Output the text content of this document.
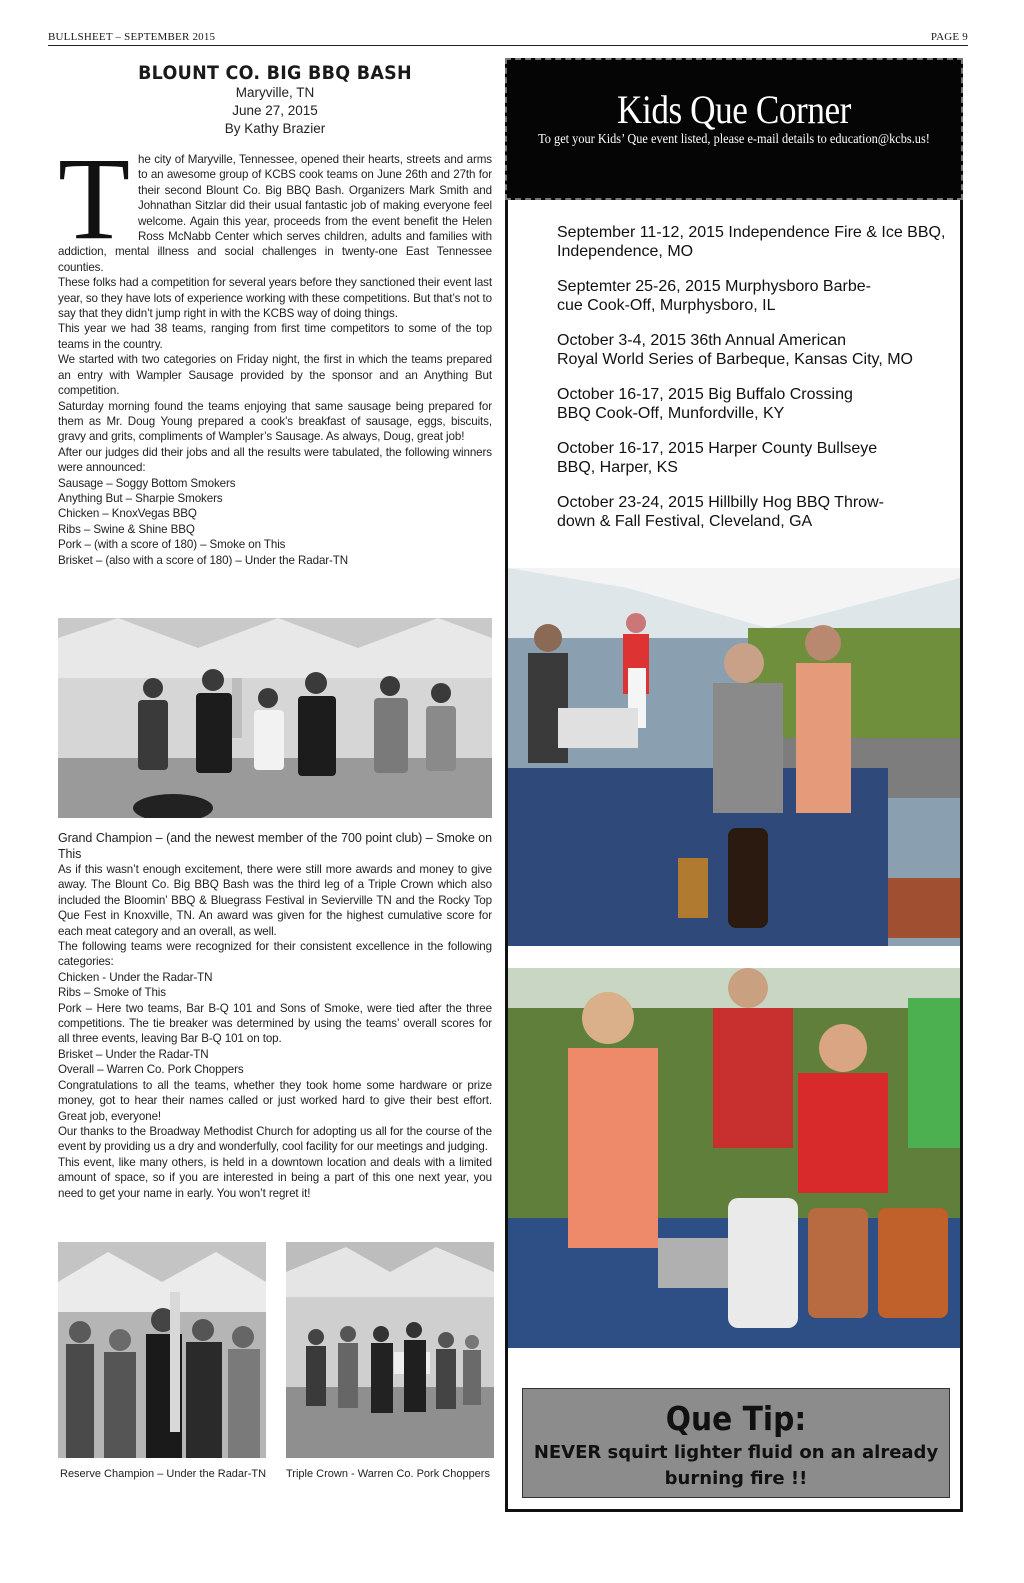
BULLSHEET – SEPTEMBER 2015	PAGE 9
BLOUNT CO. BIG BBQ BASH
Maryville, TN
June 27, 2015
By Kathy Brazier
T he city of Maryville, Tennessee, opened their hearts, streets and arms to an awesome group of KCBS cook teams on June 26th and 27th for their second Blount Co. Big BBQ Bash. Organizers Mark Smith and Johnathan Sitzlar did their usual fantastic job of making everyone feel welcome. Again this year, proceeds from the event benefit the Helen Ross McNabb Center which serves children, adults and families with addiction, mental illness and social challenges in twenty-one East Tennessee counties.

These folks had a competition for several years before they sanctioned their event last year, so they have lots of experience working with these competitions. But that’s not to say that they didn’t jump right in with the KCBS way of doing things.

This year we had 38 teams, ranging from first time competitors to some of the top teams in the country.

We started with two categories on Friday night, the first in which the teams prepared an entry with Wampler Sausage provided by the sponsor and an Anything But competition.

Saturday morning found the teams enjoying that same sausage being prepared for them as Mr. Doug Young prepared a cook’s breakfast of sausage, eggs, biscuits, gravy and grits, compliments of Wampler’s Sausage. As always, Doug, great job!

After our judges did their jobs and all the results were tabulated, the following winners were announced:

Sausage – Soggy Bottom Smokers

Anything But – Sharpie Smokers

Chicken – KnoxVegas BBQ

Ribs – Swine & Shine BBQ

Pork – (with a score of 180) – Smoke on This

Brisket – (also with a score of 180) – Under the Radar-TN

Grand Champion – (and the newest member of the 700 point club) – Smoke on This

As if this wasn’t enough excitement, there were still more awards and money to give away. The Blount Co. Big BBQ Bash was the third leg of a Triple Crown which also included the Bloomin’ BBQ & Bluegrass Festival in Sevierville TN and the Rocky Top Que Fest in Knoxville, TN. An award was given for the highest cumulative score for each meat category and an overall, as well.

The following teams were recognized for their consistent excellence in the following categories:

Chicken - Under the Radar-TN

Ribs – Smoke of This

Pork – Here two teams, Bar B-Q 101 and Sons of Smoke, were tied after the three competitions. The tie breaker was determined by using the teams’ overall scores for all three events, leaving Bar B-Q 101 on top.

Brisket – Under the Radar-TN

Overall – Warren Co. Pork Choppers

Congratulations to all the teams, whether they took home some hardware or prize money, got to hear their names called or just worked hard to give their best effort. Great job, everyone!

Our thanks to the Broadway Methodist Church for adopting us all for the course of the event by providing us a dry and wonderfully, cool facility for our meetings and judging.

This event, like many others, is held in a downtown location and deals with a limited amount of space, so if you are interested in being a part of this one next year, you need to get your name in early. You won’t regret it!

Reserve Champion – Under the Radar-TN Triple Crown - Warren Co. Pork Choppers
Kids Que Corner
To get your Kids’ Que event listed, please e-mail details to education@kcbs.us!
September 11-12, 2015 Independence Fire & Ice BBQ,
Independence, MO
Septemter 25-26, 2015 Murphysboro Barbe-
cue Cook-Off, Murphysboro, IL
October 3-4, 2015 36th Annual American
Royal World Series of Barbeque, Kansas City, MO
October 16-17, 2015 Big Buffalo Crossing
BBQ Cook-Off, Munfordville, KY
October 16-17, 2015 Harper County Bullseye
BBQ, Harper, KS
October 23-24, 2015 Hillbilly Hog BBQ Throw-
down & Fall Festival, Cleveland, GA
Que Tip:
NEVER squirt lighter fluid on an already burning fire !!
